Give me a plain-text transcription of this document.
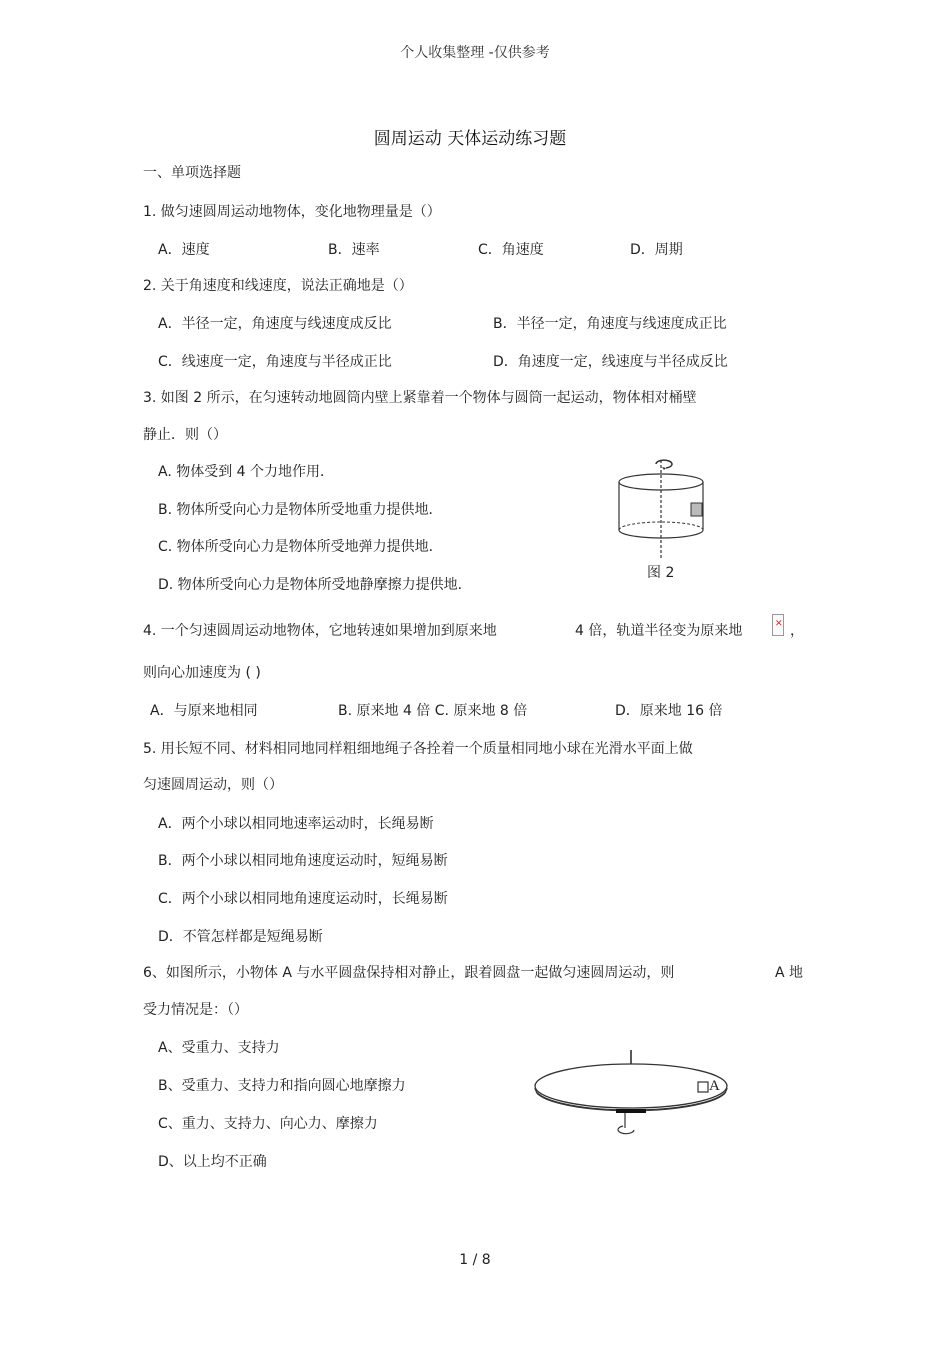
个人收集整理 -仅供参考
圆周运动 天体运动练习题
一、单项选择题
1. 做匀速圆周运动地物体，变化地物理量是（）
A．速度	B．速率	C．角速度	D．周期
2. 关于角速度和线速度，说法正确地是（）
A．半径一定，角速度与线速度成反比	B．半径一定，角速度与线速度成正比
C．线速度一定，角速度与半径成正比	D．角速度一定，线速度与半径成反比
3. 如图 2 所示，在匀速转动地圆筒内壁上紧靠着一个物体与圆筒一起运动，物体相对桶壁
静止．则（）
A. 物体受到 4 个力地作用．
B. 物体所受向心力是物体所受地重力提供地．
C. 物体所受向心力是物体所受地弹力提供地．
D. 物体所受向心力是物体所受地静摩擦力提供地．
图 2
4. 一个匀速圆周运动地物体，它地转速如果增加到原来地	4 倍，轨道半径变为原来地	✕ ，
则向心加速度为 ( )
A．与原来地相同	B. 原来地 4 倍 C. 原来地 8 倍	D．原来地 16 倍
5. 用长短不同、材料相同地同样粗细地绳子各拴着一个质量相同地小球在光滑水平面上做
匀速圆周运动，则（）
A．两个小球以相同地速率运动时，长绳易断
B．两个小球以相同地角速度运动时，短绳易断
C．两个小球以相同地角速度运动时，长绳易断
D．不管怎样都是短绳易断
6、如图所示，小物体 A 与水平圆盘保持相对静止，跟着圆盘一起做匀速圆周运动，则	A 地
受力情况是：（）
A、受重力、支持力
B、受重力、支持力和指向圆心地摩擦力
C、重力、支持力、向心力、摩擦力
D、以上均不正确
A
1 / 8
